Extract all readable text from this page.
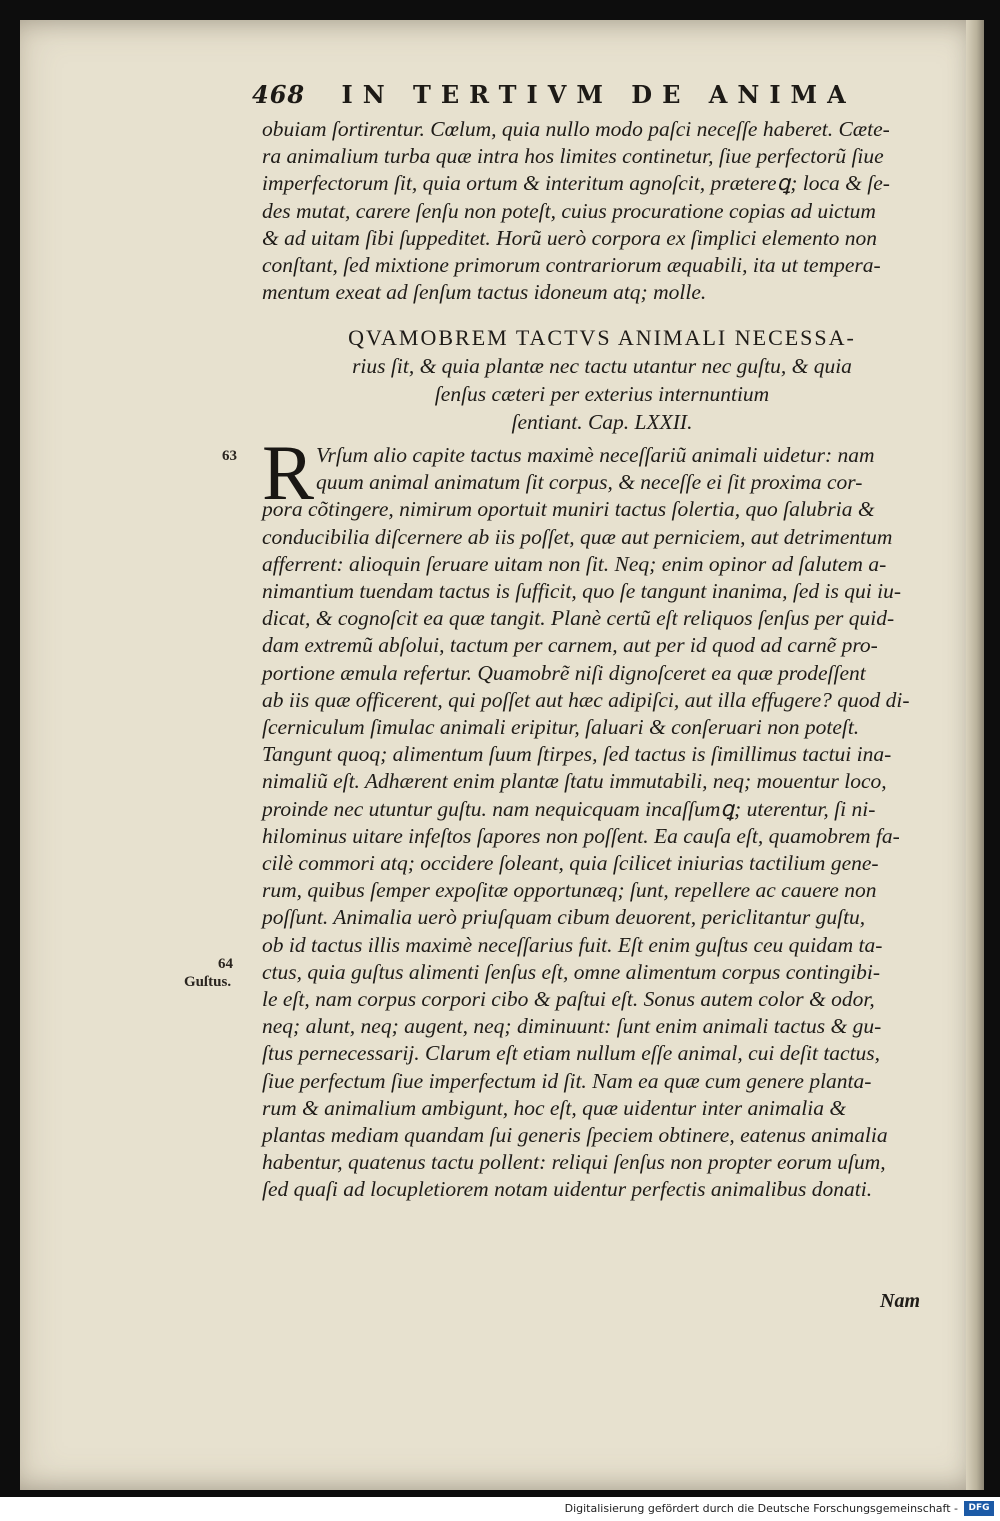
468 IN TERTIVM DE ANIMA
obuiam ſortirentur. Cœlum, quia nullo modo paſci neceſſe haberet. Cæte-
ra animalium turba quæ intra hos limites continetur, ſiue perfectorũ ſiue
imperfectorum ſit, quia ortum & interitum agnoſcit, prætereꝗ; loca & ſe-
des mutat, carere ſenſu non poteſt, cuius procuratione copias ad uictum
& ad uitam ſibi ſuppeditet. Horũ uerò corpora ex ſimplici elemento non
conſtant, ſed mixtione primorum contrariorum æquabili, ita ut tempera-
mentum exeat ad ſenſum tactus idoneum atq; molle.
QVAMOBREM TACTVS ANIMALI NECESSA-
rius ſit, & quia plantæ nec tactu utantur nec guſtu, & quia
ſenſus cæteri per exterius internuntium
ſentiant. Cap. LXXII.
R Vrſum alio capite tactus maximè neceſſariũ animali uidetur: nam
quum animal animatum ſit corpus, & neceſſe ei ſit proxima cor-
pora cõtingere, nimirum oportuit muniri tactus ſolertia, quo ſalubria &
conducibilia diſcernere ab iis poſſet, quæ aut perniciem, aut detrimentum
afferrent: alioquin ſeruare uitam non ſit. Neq; enim opinor ad ſalutem a-
nimantium tuendam tactus is ſufficit, quo ſe tangunt inanima, ſed is qui iu-
dicat, & cognoſcit ea quæ tangit. Planè certũ eſt reliquos ſenſus per quid-
dam extremũ abſolui, tactum per carnem, aut per id quod ad carnẽ pro-
portione æmula refertur. Quamobrẽ niſi dignoſceret ea quæ prodeſſent
ab iis quæ officerent, qui poſſet aut hæc adipiſci, aut illa effugere? quod di-
ſcerniculum ſimulac animali eripitur, ſaluari & conſeruari non poteſt.
Tangunt quoq; alimentum ſuum ſtirpes, ſed tactus is ſimillimus tactui ina-
nimaliũ eſt. Adhærent enim plantæ ſtatu immutabili, neq; mouentur loco,
proinde nec utuntur guſtu. nam nequicquam incaſſumꝗ; uterentur, ſi ni-
hilominus uitare infeſtos ſapores non poſſent. Ea cauſa eſt, quamobrem fa-
cilè commori atq; occidere ſoleant, quia ſcilicet iniurias tactilium gene-
rum, quibus ſemper expoſitæ opportunæq; ſunt, repellere ac cauere non
poſſunt. Animalia uerò priuſquam cibum deuorent, periclitantur guſtu,
ob id tactus illis maximè neceſſarius fuit. Eſt enim guſtus ceu quidam ta-
ctus, quia guſtus alimenti ſenſus eſt, omne alimentum corpus contingibi-
le eſt, nam corpus corpori cibo & paſtui eſt. Sonus autem color & odor,
neq; alunt, neq; augent, neq; diminuunt: ſunt enim animali tactus & gu-
ſtus pernecessarij. Clarum eſt etiam nullum eſſe animal, cui deſit tactus,
ſiue perfectum ſiue imperfectum id ſit. Nam ea quæ cum genere planta-
rum & animalium ambigunt, hoc eſt, quæ uidentur inter animalia &
plantas mediam quandam ſui generis ſpeciem obtinere, eatenus animalia
habentur, quatenus tactu pollent: reliqui ſenſus non propter eorum uſum,
ſed quaſi ad locupletiorem notam uidentur perfectis animalibus donati.
63
64
Guſtus.
Nam
Digitalisierung gefördert durch die Deutsche Forschungsgemeinschaft -	DFG
